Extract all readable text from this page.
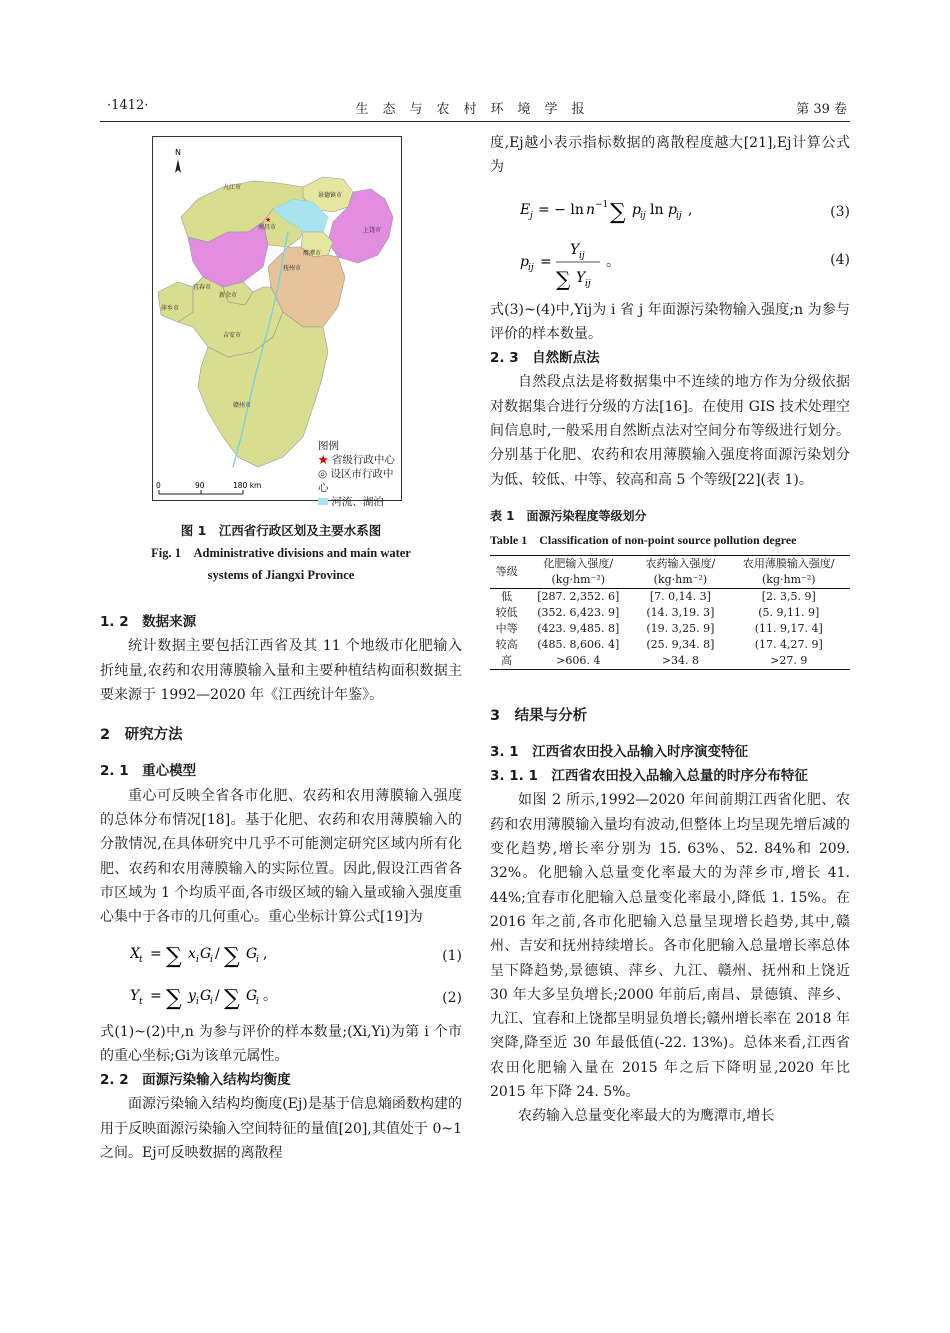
·1412·	生态与农村环境学报	第 39 卷
N
九江市
景德镇市
南昌市	上饶市
鹰潭市
宜春市
新余市
萍乡市
抚州市
吉安市
赣州市
★
0	90	180 km
图例
★ 省级行政中心
◎ 设区市行政中心
河流、湖泊
图 1　江西省行政区划及主要水系图
Fig. 1　Administrative divisions and main water
systems of Jiangxi Province
1. 2　数据来源

统计数据主要包括江西省及其 11 个地级市化肥输入折纯量,农药和农用薄膜输入量和主要种植结构面积数据主要来源于 1992—2020 年《江西统计年鉴》。

2　研究方法
2. 1　重心模型

重心可反映全省各市化肥、农药和农用薄膜输入强度的总体分布情况[18]。基于化肥、农药和农用薄膜输入的分散情况,在具体研究中几乎不可能测定研究区域内所有化肥、农药和农用薄膜输入的实际位置。因此,假设江西省各市区域为 1 个均质平面,各市级区域的输入量或输入强度重心集中于各市的几何重心。重心坐标计算公式[19]为

X t = ∑ x i G
i / ∑ G
i ,	(1)
Y t = ∑ y i G
i / ∑ G
i 。	(2)

式(1)~(2)中,n 为参与评价的样本数量;(Xi,Yi)为第 i 个市的重心坐标;Gi为该单元属性。

2. 2　面源污染输入结构均衡度

面源污染输入结构均衡度(Ej)是基于信息熵函数构建的用于反映面源污染输入空间特征的量值[20],其值处于 0~1 之间。Ej可反映数据的离散程

度,Ej越小表示指标数据的离散程度越大[21],Ej计算公式为

E j = − ln n −1 ∑ p ij ln p ij ,	(3)
p ij =
Y ij
∑ Y ij
。	(4)

式(3)~(4)中,Yij为 i 省 j 年面源污染物输入强度;n 为参与评价的样本数量。

2. 3　自然断点法

自然段点法是将数据集中不连续的地方作为分级依据对数据集合进行分级的方法[16]。在使用 GIS 技术处理空间信息时,一般采用自然断点法对空间分布等级进行划分。分别基于化肥、农药和农用薄膜输入强度将面源污染划分为低、较低、中等、较高和高 5 个等级[22](表 1)。

表 1　面源污染程度等级划分
Table 1　Classification of non-point source pollution degree
等级	化肥输入强度/	农药输入强度/	农用薄膜输入强度/
	(kg·hm⁻²)	(kg·hm⁻²)	(kg·hm⁻²)
低	[287. 2,352. 6]	[7. 0,14. 3]	[2. 3,5. 9]
较低	(352. 6,423. 9]	(14. 3,19. 3]	(5. 9,11. 9]
中等	(423. 9,485. 8]	(19. 3,25. 9]	(11. 9,17. 4]
较高	(485. 8,606. 4]	(25. 9,34. 8]	(17. 4,27. 9]
高	>606. 4	>34. 8	>27. 9
3　结果与分析
3. 1　江西省农田投入品输入时序演变特征
3. 1. 1　江西省农田投入品输入总量的时序分布特征

如图 2 所示,1992—2020 年间前期江西省化肥、农药和农用薄膜输入量均有波动,但整体上均呈现先增后减的变化趋势,增长率分别为 15. 63%、52. 84%和 209. 32%。化肥输入总量变化率最大的为萍乡市,增长 41. 44%;宜春市化肥输入总量变化率最小,降低 1. 15%。在 2016 年之前,各市化肥输入总量呈现增长趋势,其中,赣州、吉安和抚州持续增长。各市化肥输入总量增长率总体呈下降趋势,景德镇、萍乡、九江、赣州、抚州和上饶近 30 年大多呈负增长;2000 年前后,南昌、景德镇、萍乡、九江、宜春和上饶都呈明显负增长;赣州增长率在 2018 年突降,降至近 30 年最低值(-22. 13%)。总体来看,江西省农田化肥输入量在 2015 年之后下降明显,2020 年比 2015 年下降 24. 5%。

农药输入总量变化率最大的为鹰潭市,增长
